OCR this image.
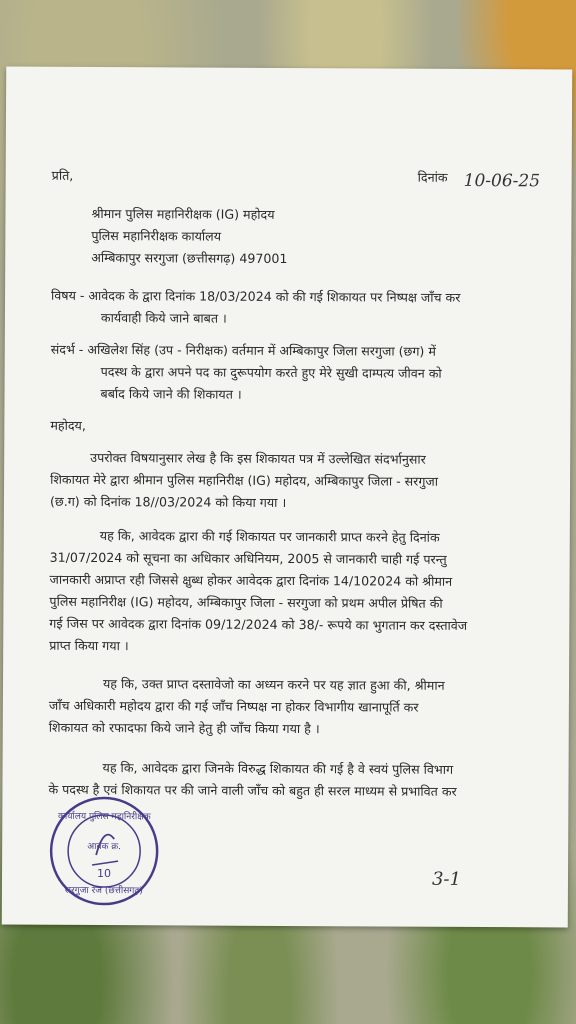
प्रति,	दिनांक 10-06-25
श्रीमान पुलिस महानिरीक्षक (IG) महोदय
पुलिस महानिरीक्षक कार्यालय
अम्बिकापुर सरगुजा (छत्तीसगढ़) 497001
विषय - आवेदक के द्वारा दिनांक 18/03/2024 को की गई शिकायत पर निष्पक्ष जाँच कर
कार्यवाही किये जाने बाबत ।
संदर्भ - अखिलेश सिंह (उप - निरीक्षक) वर्तमान में अम्बिकापुर जिला सरगुजा (छग) में
पदस्थ के द्वारा अपने पद का दुरूपयोग करते हुए मेरे सुखी दाम्पत्य जीवन को
बर्बाद किये जाने की शिकायत ।
महोदय,
उपरोक्त विषयानुसार लेख है कि इस शिकायत पत्र में उल्लेखित संदर्भानुसार
शिकायत मेरे द्वारा श्रीमान पुलिस महानिरीक्ष (IG) महोदय, अम्बिकापुर जिला - सरगुजा
(छ.ग) को दिनांक 18//03/2024 को किया गया ।
यह कि, आवेदक द्वारा की गई शिकायत पर जानकारी प्राप्त करने हेतु दिनांक
31/07/2024 को सूचना का अधिकार अधिनियम, 2005 से जानकारी चाही गई परन्तु
जानकारी अप्राप्त रही जिससे क्षुब्ध होकर आवेदक द्वारा दिनांक 14/102024 को श्रीमान
पुलिस महानिरीक्ष (IG) महोदय, अम्बिकापुर जिला - सरगुजा को प्रथम अपील प्रेषित की
गई जिस पर आवेदक द्वारा दिनांक 09/12/2024 को 38/- रूपये का भुगतान कर दस्तावेज
प्राप्त किया गया ।
यह कि, उक्त प्राप्त दस्तावेजो का अध्यन करने पर यह ज्ञात हुआ की, श्रीमान
जाँच अधिकारी महोदय द्वारा की गई जाँच निष्पक्ष ना होकर विभागीय खानापूर्ति कर
शिकायत को रफादफा किये जाने हेतु ही जाँच किया गया है ।
यह कि, आवेदक द्वारा जिनके विरुद्ध शिकायत की गई है वे स्वयं पुलिस विभाग
के पदस्थ है एवं शिकायत पर की जाने वाली जाँच को बहुत ही सरल माध्यम से प्रभावित कर
3-1
कार्यालय पुलिस महानिरीक्षक
आवक क्र.
10
सरगुजा रेंज (छत्तीसगढ़)
